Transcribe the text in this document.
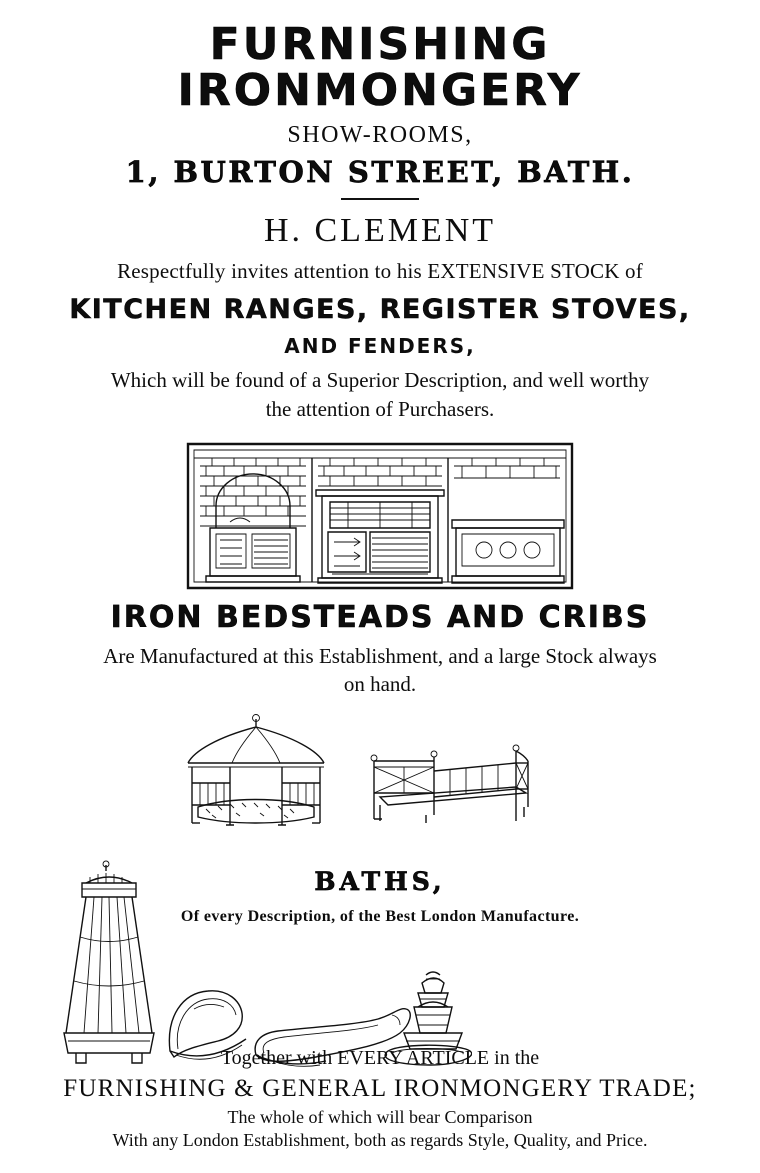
FURNISHING IRONMONGERY
SHOW-ROOMS,
1, BURTON STREET, BATH.
H. CLEMENT
Respectfully invites attention to his EXTENSIVE STOCK of
KITCHEN RANGES, REGISTER STOVES,
AND FENDERS,
Which will be found of a Superior Description, and well worthy
the attention of Purchasers.
IRON BEDSTEADS AND CRIBS
Are Manufactured at this Establishment, and a large Stock always
on hand.
BATHS,
Of every Description, of the Best London Manufacture.
Together with EVERY ARTICLE in the
FURNISHING & GENERAL IRONMONGERY TRADE;
The whole of which will bear Comparison
With any London Establishment, both as regards Style, Quality, and Price.
